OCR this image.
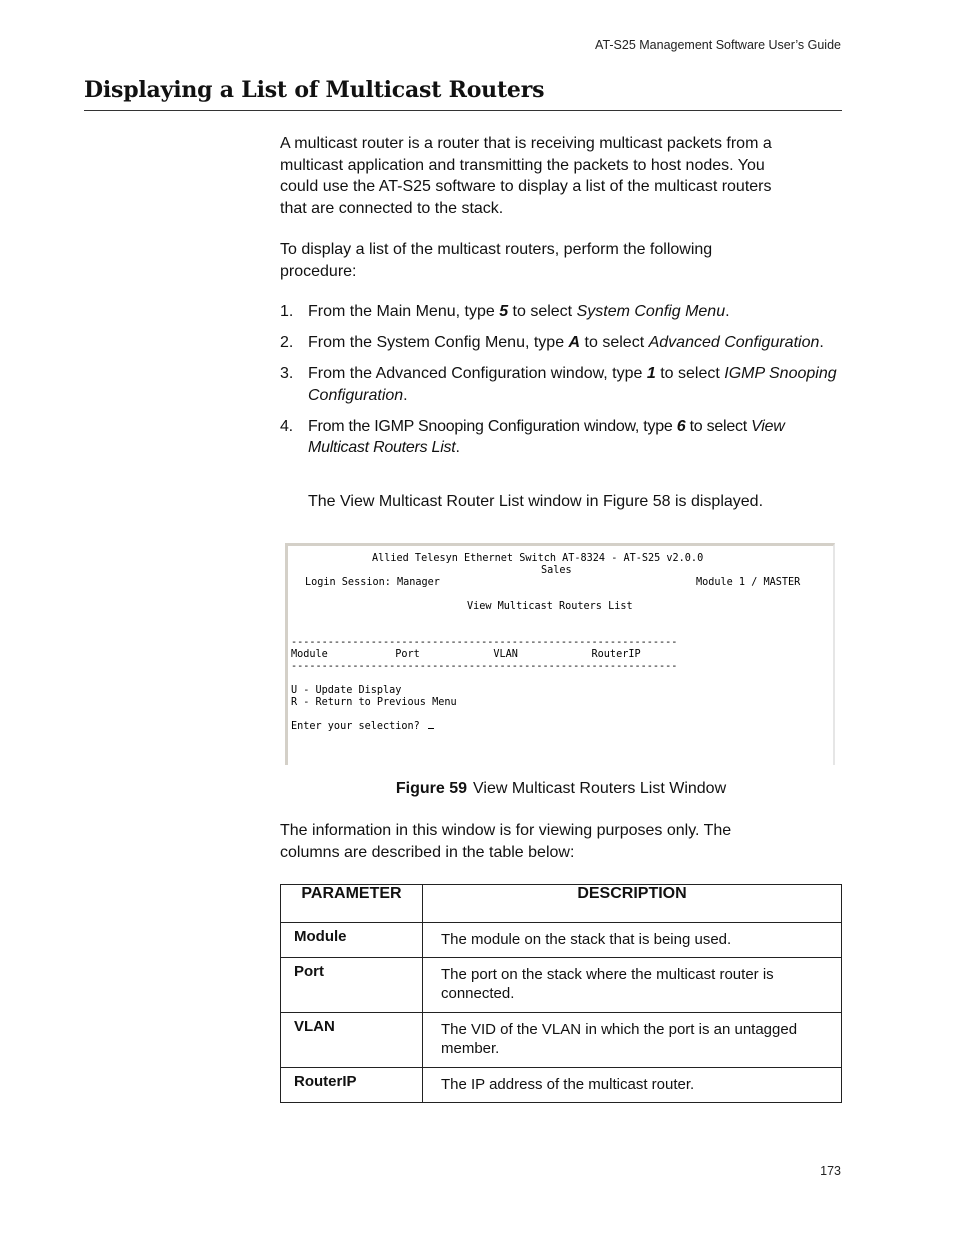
AT-S25 Management Software User’s Guide
Displaying a List of Multicast Routers
A multicast router is a router that is receiving multicast packets from a
multicast application and transmitting the packets to host nodes. You
could use the AT-S25 software to display a list of the multicast routers
that are connected to the stack.
To display a list of the multicast routers, perform the following
procedure:
1. From the Main Menu, type 5 to select System Config Menu.
2. From the System Config Menu, type A to select Advanced Configuration.
3. From the Advanced Configuration window, type 1 to select IGMP Snooping Configuration.
4. From the IGMP Snooping Configuration window, type 6 to select View Multicast Routers List.
The View Multicast Router List window in Figure 58 is displayed.
Allied Telesyn Ethernet Switch AT-8324 - AT-S25 v2.0.0
Sales
Login Session: Manager	Module 1 / MASTER
View Multicast Routers List
---------------------------------------------------------------
Module           Port            VLAN            RouterIP
---------------------------------------------------------------
U - Update Display
R - Return to Previous Menu
Enter your selection?
Figure 59 View Multicast Routers List Window
The information in this window is for viewing purposes only. The
columns are described in the table below:
PARAMETER	DESCRIPTION
Module	The module on the stack that is being used.
Port	The port on the stack where the multicast router is connected.
VLAN	The VID of the VLAN in which the port is an untagged member.
RouterIP	The IP address of the multicast router.
173
